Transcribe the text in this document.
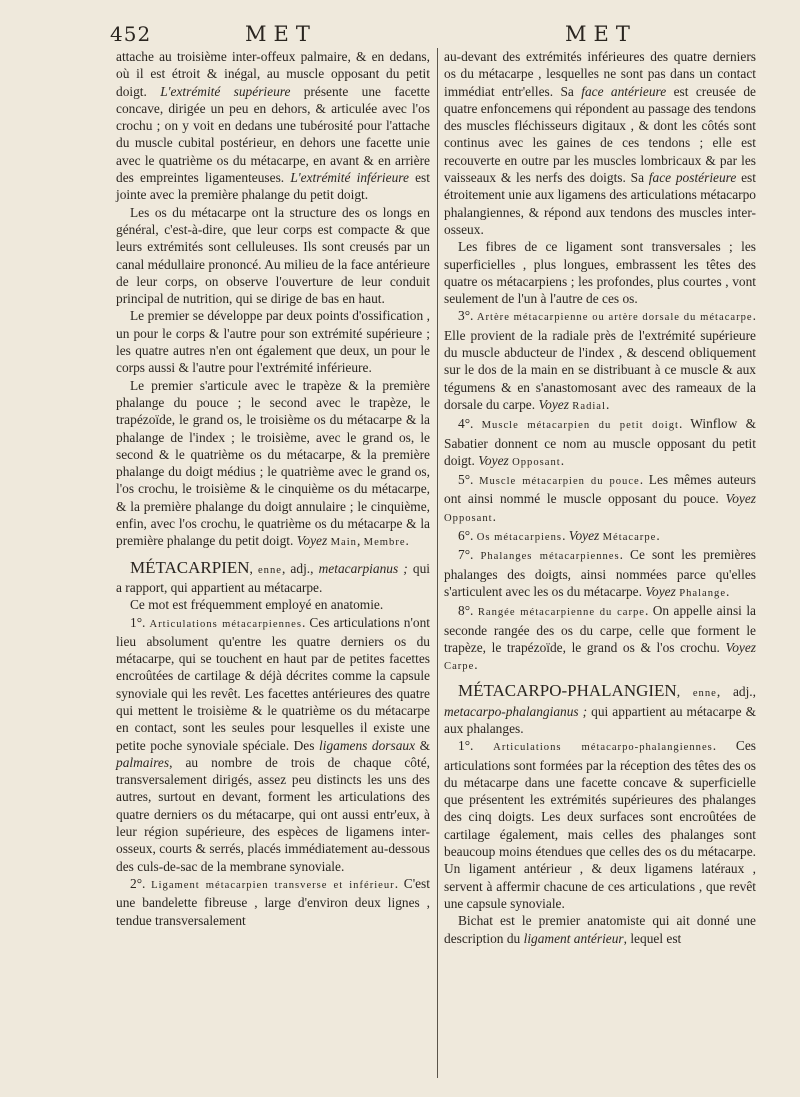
452	MET	MET

attache au troisième inter-offeux palmaire, & en dedans, où il est étroit & inégal, au muscle opposant du petit doigt. L'extrémité supérieure présente une facette concave, dirigée un peu en dehors, & articulée avec l'os crochu ; on y voit en dedans une tubérosité pour l'attache du muscle cubital postérieur, en dehors une facette unie avec le quatrième os du métacarpe, en avant & en arrière des empreintes ligamenteuses. L'extrémité inférieure est jointe avec la première phalange du petit doigt.

Les os du métacarpe ont la structure des os longs en général, c'est-à-dire, que leur corps est compacte & que leurs extrémités sont celluleuses. Ils sont creusés par un canal médullaire prononcé. Au milieu de la face antérieure de leur corps, on observe l'ouverture de leur conduit principal de nutrition, qui se dirige de bas en haut.

Le premier se développe par deux points d'ossification , un pour le corps & l'autre pour son extrémité supérieure ; les quatre autres n'en ont également que deux, un pour le corps aussi & l'autre pour l'extrémité inférieure.

Le premier s'articule avec le trapèze & la première phalange du pouce ; le second avec le trapèze, le trapézoïde, le grand os, le troisième os du métacarpe & la phalange de l'index ; le troisième, avec le grand os, le second & le quatrième os du métacarpe, & la première phalange du doigt médius ; le quatrième avec le grand os, l'os crochu, le troisième & le cinquième os du métacarpe, & la première phalange du doigt annulaire ; le cinquième, enfin, avec l'os crochu, le quatrième os du métacarpe & la première phalange du petit doigt. Voyez Main, Membre.

MÉTACARPIEN, enne, adj., metacarpianus ; qui a rapport, qui appartient au métacarpe.

Ce mot est fréquemment employé en anatomie.

1°. Articulations métacarpiennes. Ces articulations n'ont lieu absolument qu'entre les quatre derniers os du métacarpe, qui se touchent en haut par de petites facettes encroûtées de cartilage & déjà décrites comme la capsule synoviale qui les revêt. Les facettes antérieures des quatre qui mettent le troisième & le quatrième os du métacarpe en contact, sont les seules pour lesquelles il existe une petite poche synoviale spéciale. Des ligamens dorsaux & palmaires, au nombre de trois de chaque côté, transversalement dirigés, assez peu distincts les uns des autres, surtout en devant, forment les articulations des quatre derniers os du métacarpe, qui ont aussi entr'eux, à leur région supérieure, des espèces de ligamens inter-osseux, courts & serrés, placés immédiatement au-dessous des culs-de-sac de la membrane synoviale.

2°. Ligament métacarpien transverse et inférieur. C'est une bandelette fibreuse , large d'environ deux lignes , tendue transversalement

au-devant des extrémités inférieures des quatre derniers os du métacarpe , lesquelles ne sont pas dans un contact immédiat entr'elles. Sa face antérieure est creusée de quatre enfoncemens qui répondent au passage des tendons des muscles fléchisseurs digitaux , & dont les côtés sont continus avec les gaines de ces tendons ; elle est recouverte en outre par les muscles lombricaux & par les vaisseaux & les nerfs des doigts. Sa face postérieure est étroitement unie aux ligamens des articulations métacarpo phalangiennes, & répond aux tendons des muscles inter-osseux.

Les fibres de ce ligament sont transversales ; les superficielles , plus longues, embrassent les têtes des quatre os métacarpiens ; les profondes, plus courtes , vont seulement de l'un à l'autre de ces os.

3°. Artère métacarpienne ou artère dorsale du métacarpe. Elle provient de la radiale près de l'extrémité supérieure du muscle abducteur de l'index , & descend obliquement sur le dos de la main en se distribuant à ce muscle & aux tégumens & en s'anastomosant avec des rameaux de la dorsale du carpe. Voyez Radial.

4°. Muscle métacarpien du petit doigt. Winflow & Sabatier donnent ce nom au muscle opposant du petit doigt. Voyez Opposant.

5°. Muscle métacarpien du pouce. Les mêmes auteurs ont ainsi nommé le muscle opposant du pouce. Voyez Opposant.

6°. Os métacarpiens. Voyez Métacarpe.

7°. Phalanges métacarpiennes. Ce sont les premières phalanges des doigts, ainsi nommées parce qu'elles s'articulent avec les os du métacarpe. Voyez Phalange.

8°. Rangée métacarpienne du carpe. On appelle ainsi la seconde rangée des os du carpe, celle que forment le trapèze, le trapézoïde, le grand os & l'os crochu. Voyez Carpe.

MÉTACARPO-PHALANGIEN, enne, adj., metacarpo-phalangianus ; qui appartient au métacarpe & aux phalanges.

1°. Articulations métacarpo-phalangiennes. Ces articulations sont formées par la réception des têtes des os du métacarpe dans une facette concave & superficielle que présentent les extrémités supérieures des phalanges des cinq doigts. Les deux surfaces sont encroûtées de cartilage également, mais celles des phalanges sont beaucoup moins étendues que celles des os du métacarpe. Un ligament antérieur , & deux ligamens latéraux , servent à affermir chacune de ces articulations , que revêt une capsule synoviale.

Bichat est le premier anatomiste qui ait donné une description du ligament antérieur, lequel est
